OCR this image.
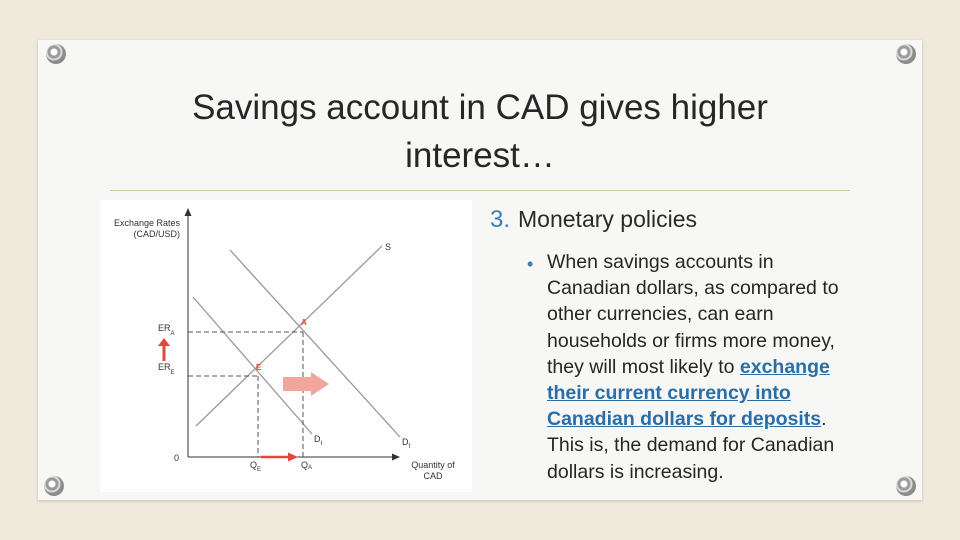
Savings account in CAD gives higher
interest…
Exchange Rates
(CAD/USD)
0
S
$D_I$	$D_f$
A
E
$ER_A$
$ER_E$
$Q_E$	QA	Quantity of
CAD
3. Monetary policies
• When savings accounts in Canadian dollars, as compared to other currencies, can earn households or firms more money, they will most likely to exchange their current currency into Canadian dollars for deposits. This is, the demand for Canadian dollars is increasing.
